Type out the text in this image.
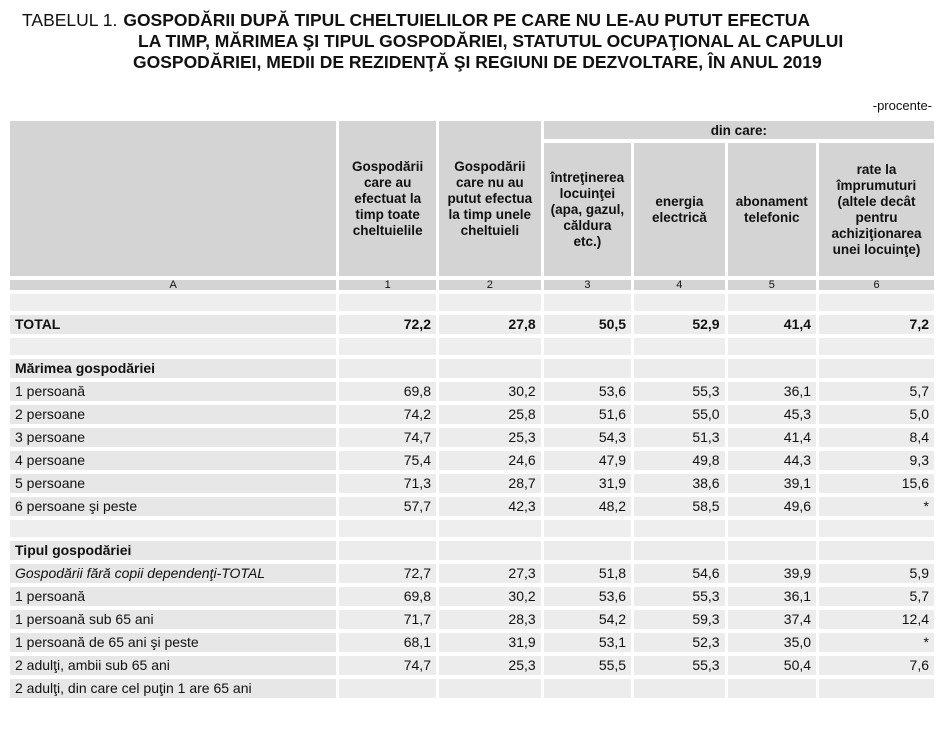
TABELUL 1. GOSPODĂRII DUPĂ TIPUL CHELTUIELILOR PE CARE NU LE-AU PUTUT EFECTUA
LA TIMP, MĂRIMEA ŞI TIPUL GOSPODĂRIEI, STATUTUL OCUPAŢIONAL AL CAPULUI
GOSPODĂRIEI, MEDII DE REZIDENŢĂ ŞI REGIUNI DE DEZVOLTARE, ÎN ANUL 2019
-procente-
	Gospodării care au efectuat la timp toate cheltuielile	Gospodării care nu au putut efectua la timp unele cheltuieli	din care:			
			întreţinerea locuinţei (apa, gazul, căldura etc.)	energia electrică	abonament telefonic	rate la împrumuturi (altele decât pentru achiziţionarea unei locuinţe)
A	1	2	3	4	5	6

TOTAL	72,2	27,8	50,5	52,9	41,4	7,2

Mărimea gospodăriei						
1 persoană	69,8	30,2	53,6	55,3	36,1	5,7
2 persoane	74,2	25,8	51,6	55,0	45,3	5,0
3 persoane	74,7	25,3	54,3	51,3	41,4	8,4
4 persoane	75,4	24,6	47,9	49,8	44,3	9,3
5 persoane	71,3	28,7	31,9	38,6	39,1	15,6
6 persoane şi peste	57,7	42,3	48,2	58,5	49,6	*

Tipul gospodăriei						
Gospodării fără copii dependenţi-TOTAL	72,7	27,3	51,8	54,6	39,9	5,9
1 persoană	69,8	30,2	53,6	55,3	36,1	5,7
1 persoană sub 65 ani	71,7	28,3	54,2	59,3	37,4	12,4
1 persoană de 65 ani şi peste	68,1	31,9	53,1	52,3	35,0	*
2 adulţi, ambii sub 65 ani	74,7	25,3	55,5	55,3	50,4	7,6
2 adulţi, din care cel puţin 1 are 65 ani						
